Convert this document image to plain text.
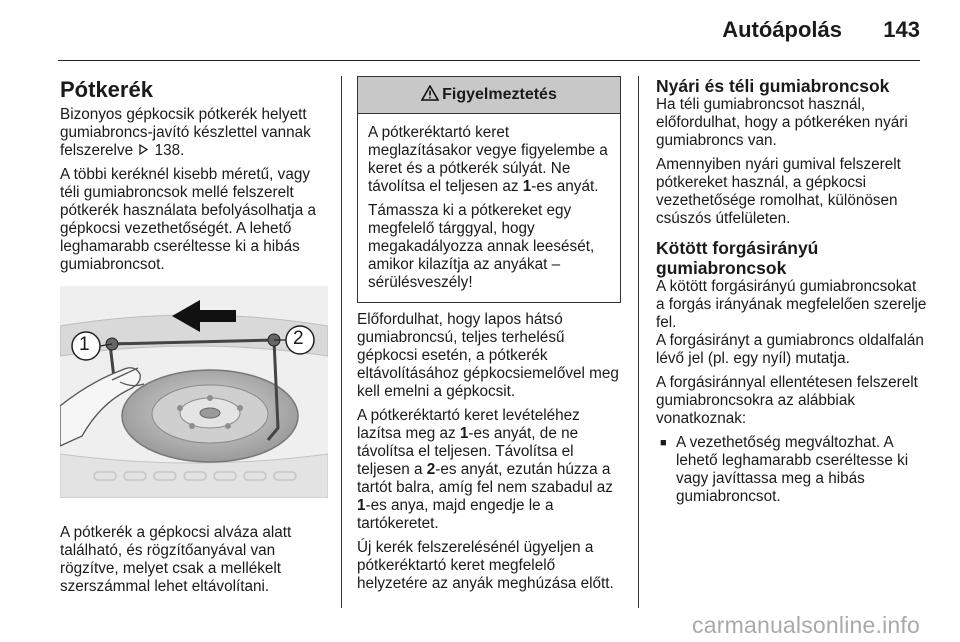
Autóápolás 143
Pótkerék

Bizonyos gépkocsik pótkerék helyett gumiabroncs-javító készlettel vannak felszerelve 138.

A többi keréknél kisebb méretű, vagy téli gumiabroncsok mellé felszerelt pótkerék használata befolyásolhatja a gépkocsi vezethetőségét. A lehető leghamarabb cseréltesse ki a hibás gumiabroncsot.

1	2

A pótkerék a gépkocsi alváza alatt található, és rögzítőanyával van rögzítve, melyet csak a mellékelt szerszámmal lehet eltávolítani.

Figyelmeztetés

A pótkeréktartó keret meglazításakor vegye figyelembe a keret és a pótkerék súlyát. Ne távolítsa el teljesen az 1-es anyát.

Támassza ki a pótkereket egy megfelelő tárggyal, hogy megakadályozza annak leesését, amikor kilazítja az anyákat – sérülésveszély!

Előfordulhat, hogy lapos hátsó gumiabroncsú, teljes terhelésű gépkocsi esetén, a pótkerék eltávolításához gépkocsiemelővel meg kell emelni a gépkocsit.

A pótkeréktartó keret levételéhez lazítsa meg az 1-es anyát, de ne távolítsa el teljesen. Távolítsa el teljesen a 2-es anyát, ezután húzza a tartót balra, amíg fel nem szabadul az 1-es anya, majd engedje le a tartókeretet.

Új kerék felszerelésénél ügyeljen a pótkeréktartó keret megfelelő helyzetére az anyák meghúzása előtt.

Nyári és téli gumiabroncsok

Ha téli gumiabroncsot használ, előfordulhat, hogy a pótkeréken nyári gumiabroncs van.

Amennyiben nyári gumival felszerelt pótkereket használ, a gépkocsi vezethetősége romolhat, különösen csúszós útfelületen.

Kötött forgásirányú gumiabroncsok

A kötött forgásirányú gumiabroncsokat a forgás irányának megfelelően szerelje fel.

A forgásirányt a gumiabroncs oldalfalán lévő jel (pl. egy nyíl) mutatja.

A forgásiránnyal ellentétesen felszerelt gumiabroncsokra az alábbiak vonatkoznak:

■ A vezethetőség megváltozhat. A lehető leghamarabb cseréltesse ki vagy javíttassa meg a hibás gumiabroncsot.
carmanualsonline.info
